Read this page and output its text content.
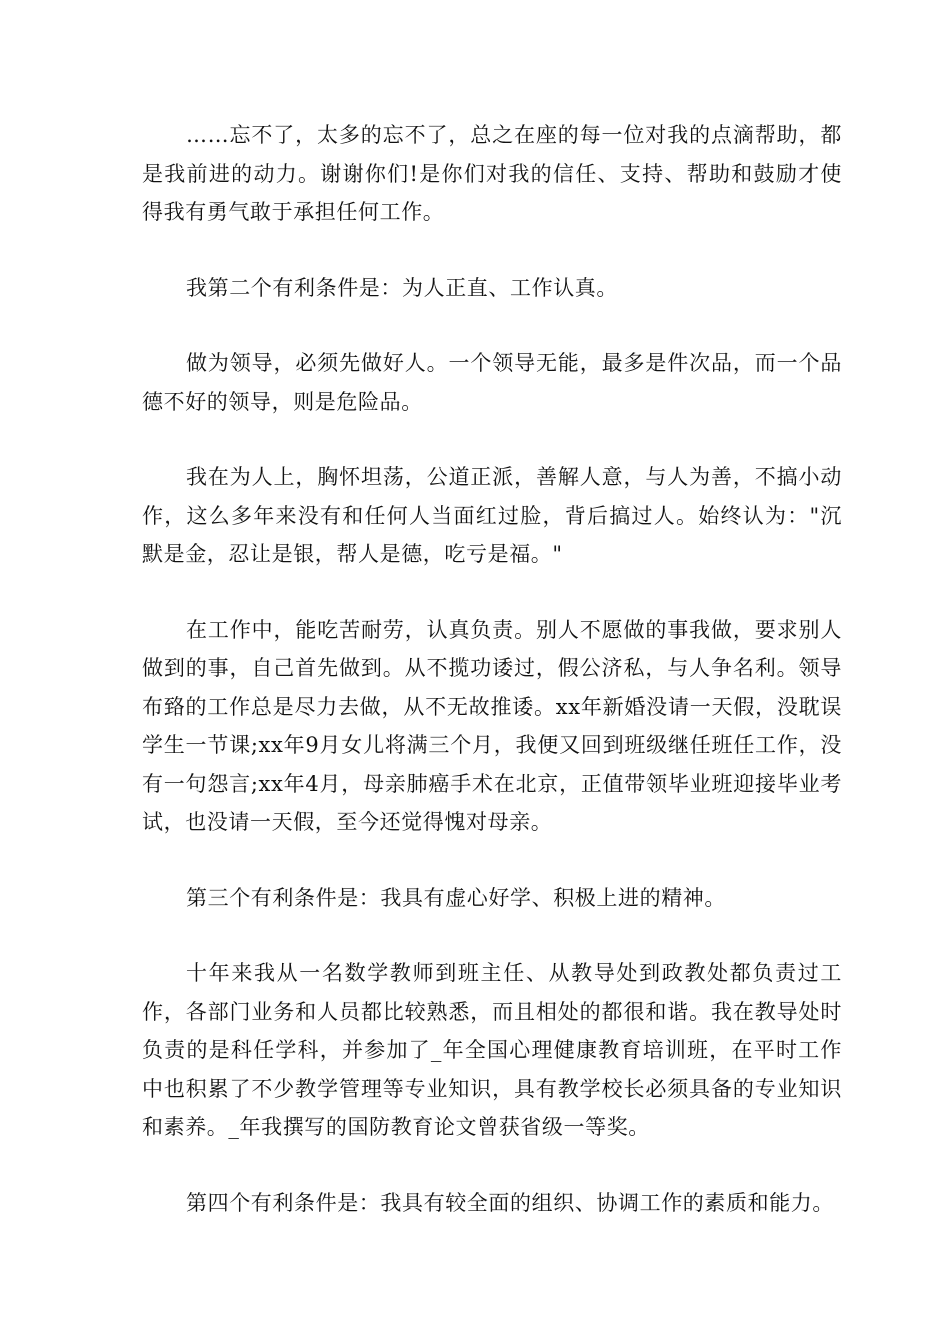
……忘不了，太多的忘不了，总之在座的每一位对我的点滴帮助，都是我前进的动力。谢谢你们!是你们对我的信任、支持、帮助和鼓励才使得我有勇气敢于承担任何工作。

我第二个有利条件是：为人正直、工作认真。

做为领导，必须先做好人。一个领导无能，最多是件次品，而一个品德不好的领导，则是危险品。

我在为人上，胸怀坦荡，公道正派，善解人意，与人为善，不搞小动作，这么多年来没有和任何人当面红过脸，背后搞过人。始终认为："沉默是金，忍让是银，帮人是德，吃亏是福。"

在工作中，能吃苦耐劳，认真负责。别人不愿做的事我做，要求别人做到的事，自己首先做到。从不揽功诿过，假公济私，与人争名利。领导布臵的工作总是尽力去做，从不无故推诿。xx年新婚没请一天假，没耽误学生一节课;xx年9月女儿将满三个月，我便又回到班级继任班任工作，没有一句怨言;xx年4月，母亲肺癌手术在北京，正值带领毕业班迎接毕业考试，也没请一天假，至今还觉得愧对母亲。

第三个有利条件是：我具有虚心好学、积极上进的精神。

十年来我从一名数学教师到班主任、从教导处到政教处都负责过工作，各部门业务和人员都比较熟悉，而且相处的都很和谐。我在教导处时负责的是科任学科，并参加了_年全国心理健康教育培训班，在平时工作中也积累了不少教学管理等专业知识，具有教学校长必须具备的专业知识和素养。_年我撰写的国防教育论文曾获省级一等奖。

第四个有利条件是：我具有较全面的组织、协调工作的素质和能力。
